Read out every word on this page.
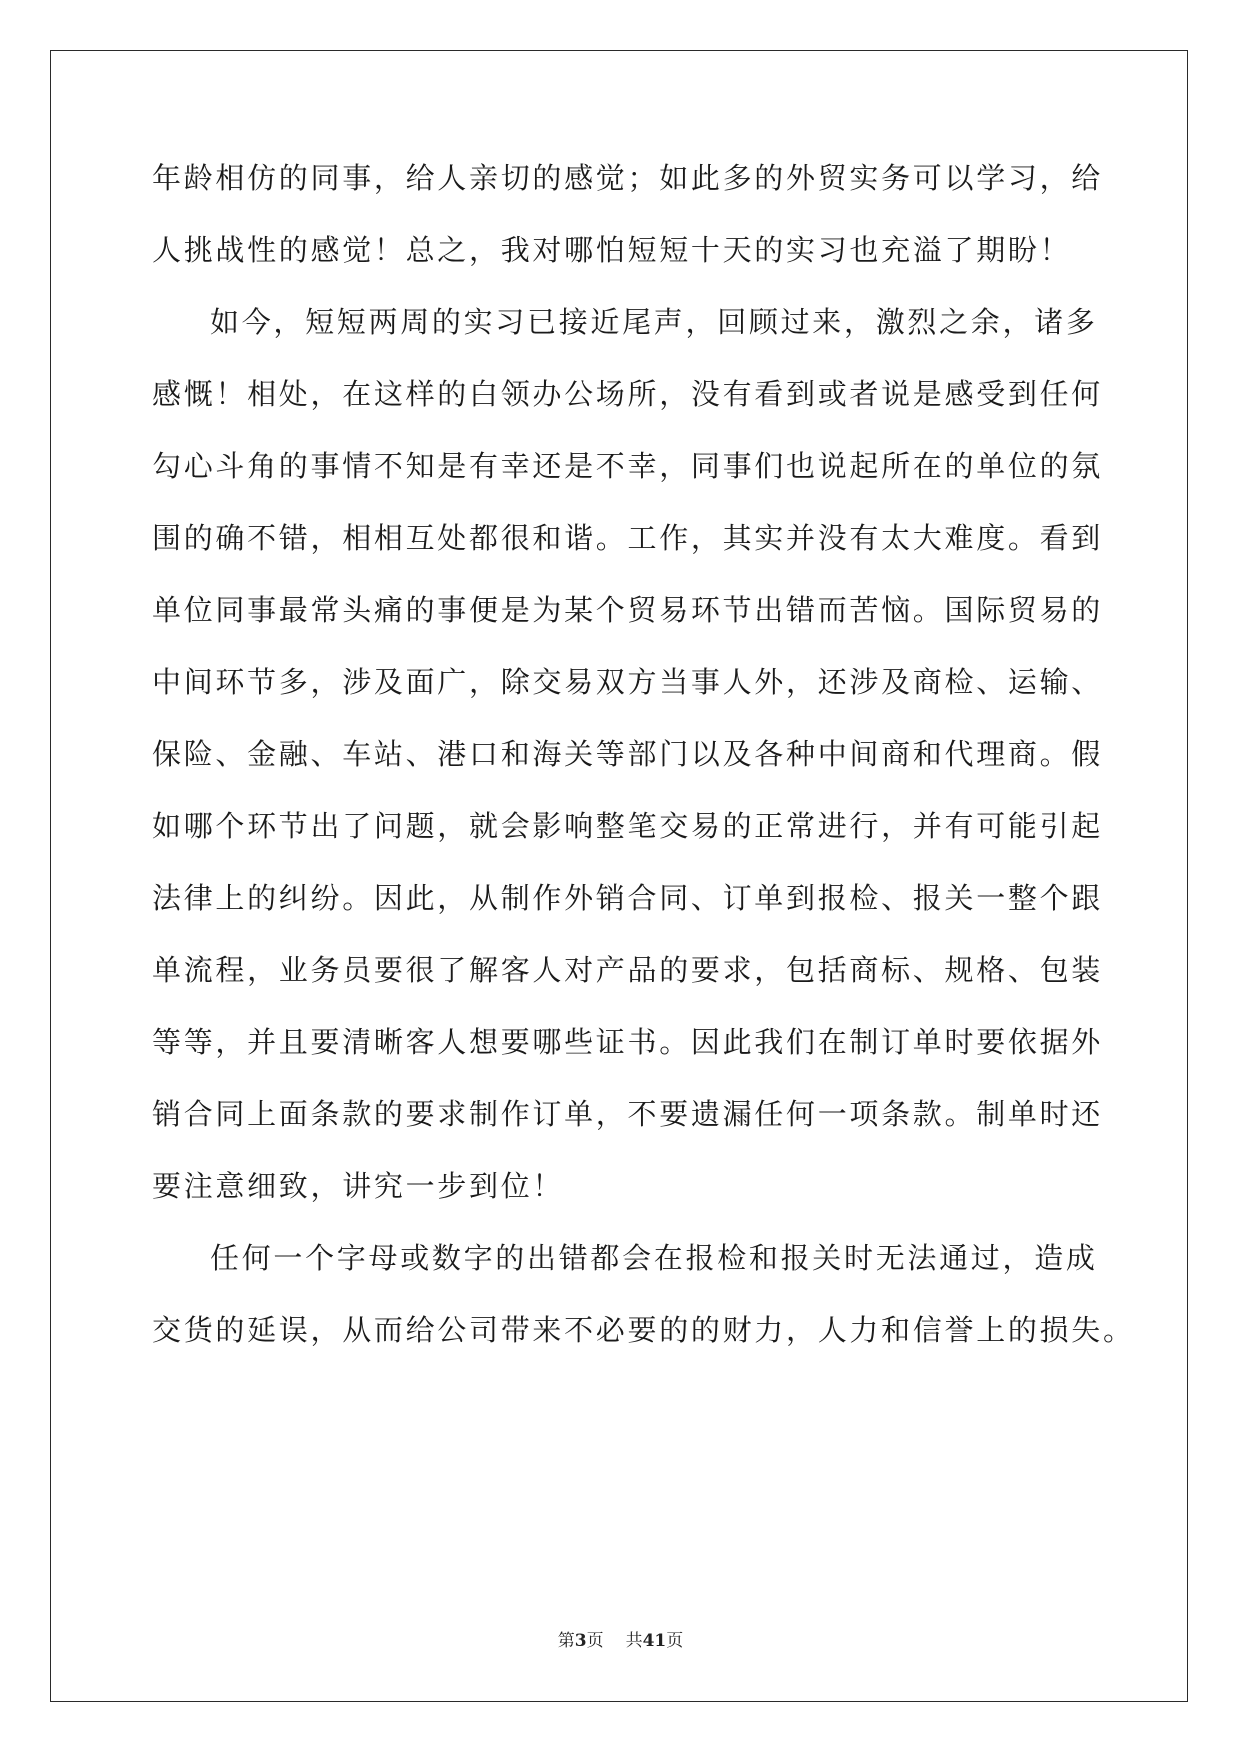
年龄相仿的同事，给人亲切的感觉；如此多的外贸实务可以学习，给
人挑战性的感觉！总之，我对哪怕短短十天的实习也充溢了期盼！
如今，短短两周的实习已接近尾声，回顾过来，激烈之余，诸多
感慨！相处，在这样的白领办公场所，没有看到或者说是感受到任何
勾心斗角的事情不知是有幸还是不幸，同事们也说起所在的单位的氛
围的确不错，相相互处都很和谐。工作，其实并没有太大难度。看到
单位同事最常头痛的事便是为某个贸易环节出错而苦恼。国际贸易的
中间环节多，涉及面广，除交易双方当事人外，还涉及商检、运输、
保险、金融、车站、港口和海关等部门以及各种中间商和代理商。假
如哪个环节出了问题，就会影响整笔交易的正常进行，并有可能引起
法律上的纠纷。因此，从制作外销合同、订单到报检、报关一整个跟
单流程，业务员要很了解客人对产品的要求，包括商标、规格、包装
等等，并且要清晰客人想要哪些证书。因此我们在制订单时要依据外
销合同上面条款的要求制作订单，不要遗漏任何一项条款。制单时还
要注意细致，讲究一步到位！
任何一个字母或数字的出错都会在报检和报关时无法通过，造成
交货的延误，从而给公司带来不必要的的财力，人力和信誉上的损失。
第3页 共41页
